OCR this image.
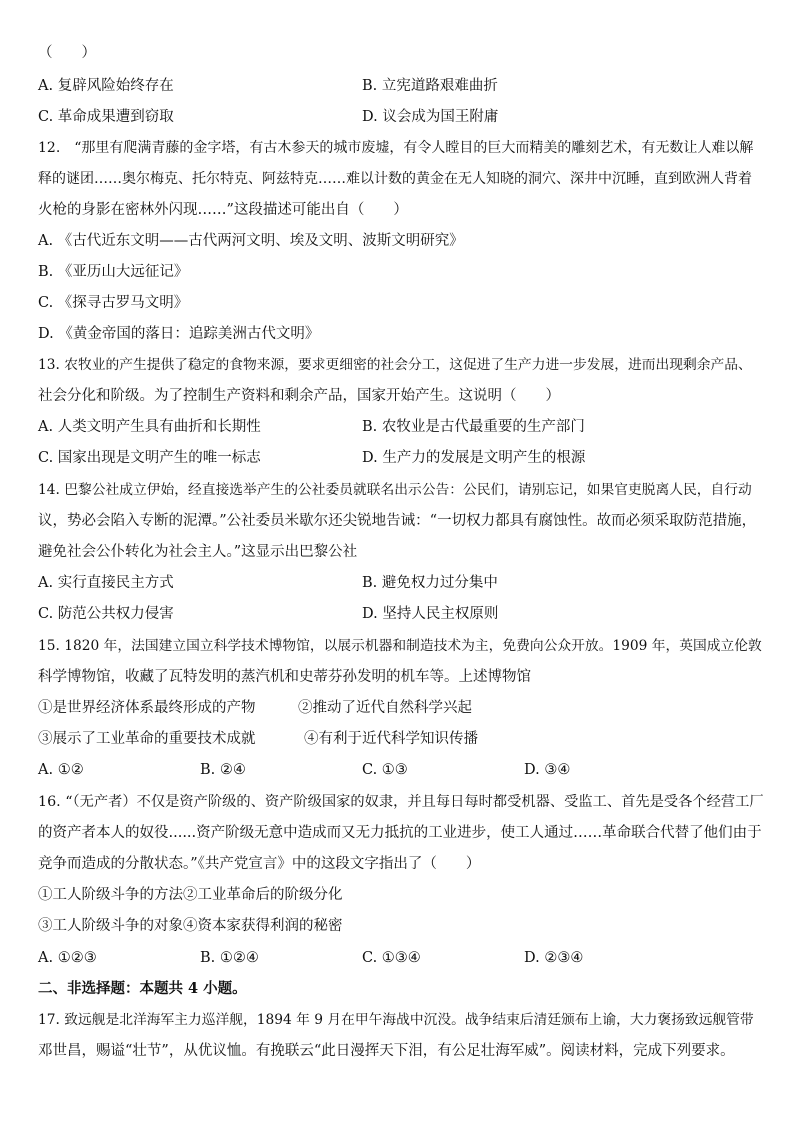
（　　）
A. 复辟风险始终存在	B. 立宪道路艰难曲折
C. 革命成果遭到窃取	D. 议会成为国王附庸
12.　“那里有爬满青藤的金字塔，有古木参天的城市废墟，有令人瞠目的巨大而精美的雕刻艺术，有无数让人难以解
释的谜团……奥尔梅克、托尔特克、阿兹特克……难以计数的黄金在无人知晓的洞穴、深井中沉睡，直到欧洲人背着
火枪的身影在密林外闪现……”这段描述可能出自（　　）
A. 《古代近东文明——古代两河文明、埃及文明、波斯文明研究》
B. 《亚历山大远征记》
C. 《探寻古罗马文明》
D. 《黄金帝国的落日：追踪美洲古代文明》
13. 农牧业的产生提供了稳定的食物来源，要求更细密的社会分工，这促进了生产力进一步发展，进而出现剩余产品、
社会分化和阶级。为了控制生产资料和剩余产品，国家开始产生。这说明（　　）
A. 人类文明产生具有曲折和长期性	B. 农牧业是古代最重要的生产部门
C. 国家出现是文明产生的唯一标志	D. 生产力的发展是文明产生的根源
14. 巴黎公社成立伊始，经直接选举产生的公社委员就联名出示公告：公民们，请别忘记，如果官吏脱离人民，自行动
议，势必会陷入专断的泥潭。”公社委员米歇尔还尖锐地告诫：“一切权力都具有腐蚀性。故而必须采取防范措施，
避免社会公仆转化为社会主人。”这显示出巴黎公社
A. 实行直接民主方式	B. 避免权力过分集中
C. 防范公共权力侵害	D. 坚持人民主权原则
15. 1820 年，法国建立国立科学技术博物馆，以展示机器和制造技术为主，免费向公众开放。1909 年，英国成立伦敦
科学博物馆，收藏了瓦特发明的蒸汽机和史蒂芬孙发明的机车等。上述博物馆
①是世界经济体系最终形成的产物	②推动了近代自然科学兴起
③展示了工业革命的重要技术成就	④有利于近代科学知识传播
A. ①②	B. ②④	C. ①③	D. ③④
16. “（无产者）不仅是资产阶级的、资产阶级国家的奴隶，并且每日每时都受机器、受监工、首先是受各个经营工厂
的资产者本人的奴役......资产阶级无意中造成而又无力抵抗的工业进步，使工人通过……革命联合代替了他们由于
竞争而造成的分散状态。”《共产党宣言》中的这段文字指出了（　　）
①工人阶级斗争的方法②工业革命后的阶级分化
③工人阶级斗争的对象④资本家获得利润的秘密
A. ①②③	B. ①②④	C. ①③④	D. ②③④
二、非选择题：本题共 4 小题。
17. 致远舰是北洋海军主力巡洋舰，1894 年 9 月在甲午海战中沉没。战争结束后清廷颁布上谕，大力褒扬致远舰管带
邓世昌，赐谥“壮节”，从优议恤。有挽联云“此日漫挥天下泪，有公足壮海军威”。阅读材料，完成下列要求。
